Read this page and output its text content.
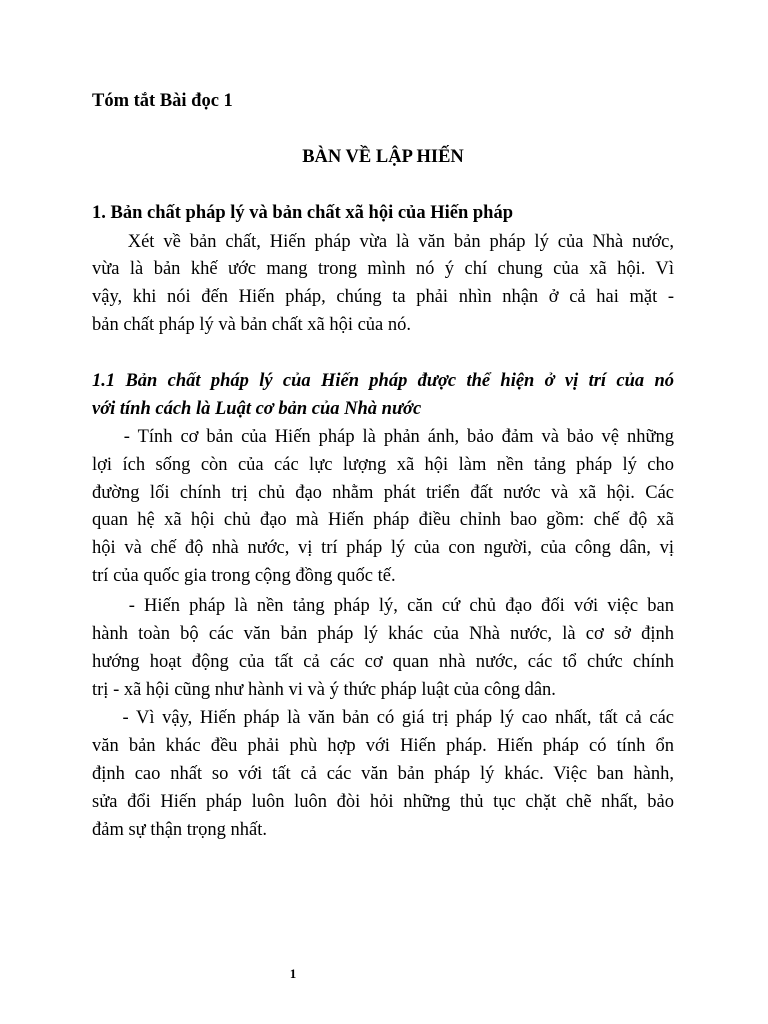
Tóm tắt Bài đọc 1
BÀN VỀ LẬP HIẾN
1. Bản chất pháp lý và bản chất xã hội của Hiến pháp
Xét về bản chất, Hiến pháp vừa là văn bản pháp lý của Nhà nước,
vừa là bản khế ước mang trong mình nó ý chí chung của xã hội. Vì
vậy, khi nói đến Hiến pháp, chúng ta phải nhìn nhận ở cả hai mặt -
bản chất pháp lý và bản chất xã hội của nó.
1.1 Bản chất pháp lý của Hiến pháp được thể hiện ở vị trí của nó
với tính cách là Luật cơ bản của Nhà nước
- Tính cơ bản của Hiến pháp là phản ánh, bảo đảm và bảo vệ những
lợi ích sống còn của các lực lượng xã hội làm nền tảng pháp lý cho
đường lối chính trị chủ đạo nhằm phát triển đất nước và xã hội. Các
quan hệ xã hội chủ đạo mà Hiến pháp điều chỉnh bao gồm: chế độ xã
hội và chế độ nhà nước, vị trí pháp lý của con người, của công dân, vị
trí của quốc gia trong cộng đồng quốc tế.
- Hiến pháp là nền tảng pháp lý, căn cứ chủ đạo đối với việc ban
hành toàn bộ các văn bản pháp lý khác của Nhà nước, là cơ sở định
hướng hoạt động của tất cả các cơ quan nhà nước, các tổ chức chính
trị - xã hội cũng như hành vi và ý thức pháp luật của công dân.
- Vì vậy, Hiến pháp là văn bản có giá trị pháp lý cao nhất, tất cả các
văn bản khác đều phải phù hợp với Hiến pháp. Hiến pháp có tính ổn
định cao nhất so với tất cả các văn bản pháp lý khác. Việc ban hành,
sửa đổi Hiến pháp luôn luôn đòi hỏi những thủ tục chặt chẽ nhất, bảo
đảm sự thận trọng nhất.
1
